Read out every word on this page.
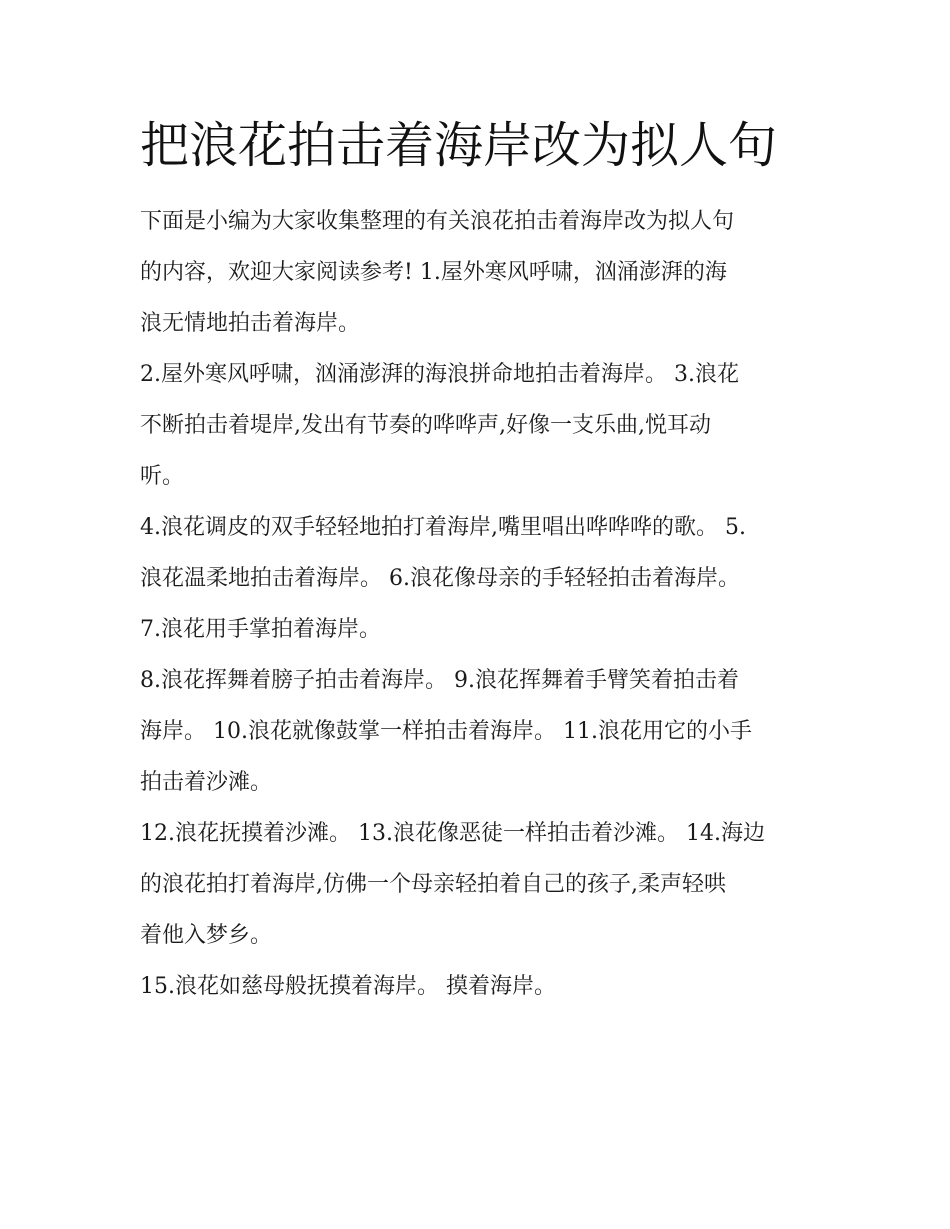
把浪花拍击着海岸改为拟人句

下面是小编为大家收集整理的有关浪花拍击着海岸改为拟人句
的内容，欢迎大家阅读参考! 1.屋外寒风呼啸，汹涌澎湃的海
浪无情地拍击着海岸。

2.屋外寒风呼啸，汹涌澎湃的海浪拼命地拍击着海岸。 3.浪花
不断拍击着堤岸,发出有节奏的哗哗声,好像一支乐曲,悦耳动
听。

4.浪花调皮的双手轻轻地拍打着海岸,嘴里唱出哗哗哗的歌。 5.
浪花温柔地拍击着海岸。 6.浪花像母亲的手轻轻拍击着海岸。
7.浪花用手掌拍着海岸。

8.浪花挥舞着膀子拍击着海岸。 9.浪花挥舞着手臂笑着拍击着
海岸。 10.浪花就像鼓掌一样拍击着海岸。 11.浪花用它的小手
拍击着沙滩。

12.浪花抚摸着沙滩。 13.浪花像恶徒一样拍击着沙滩。 14.海边
的浪花拍打着海岸,仿佛一个母亲轻拍着自己的孩子,柔声轻哄
着他入梦乡。

15.浪花如慈母般抚摸着海岸。 摸着海岸。
